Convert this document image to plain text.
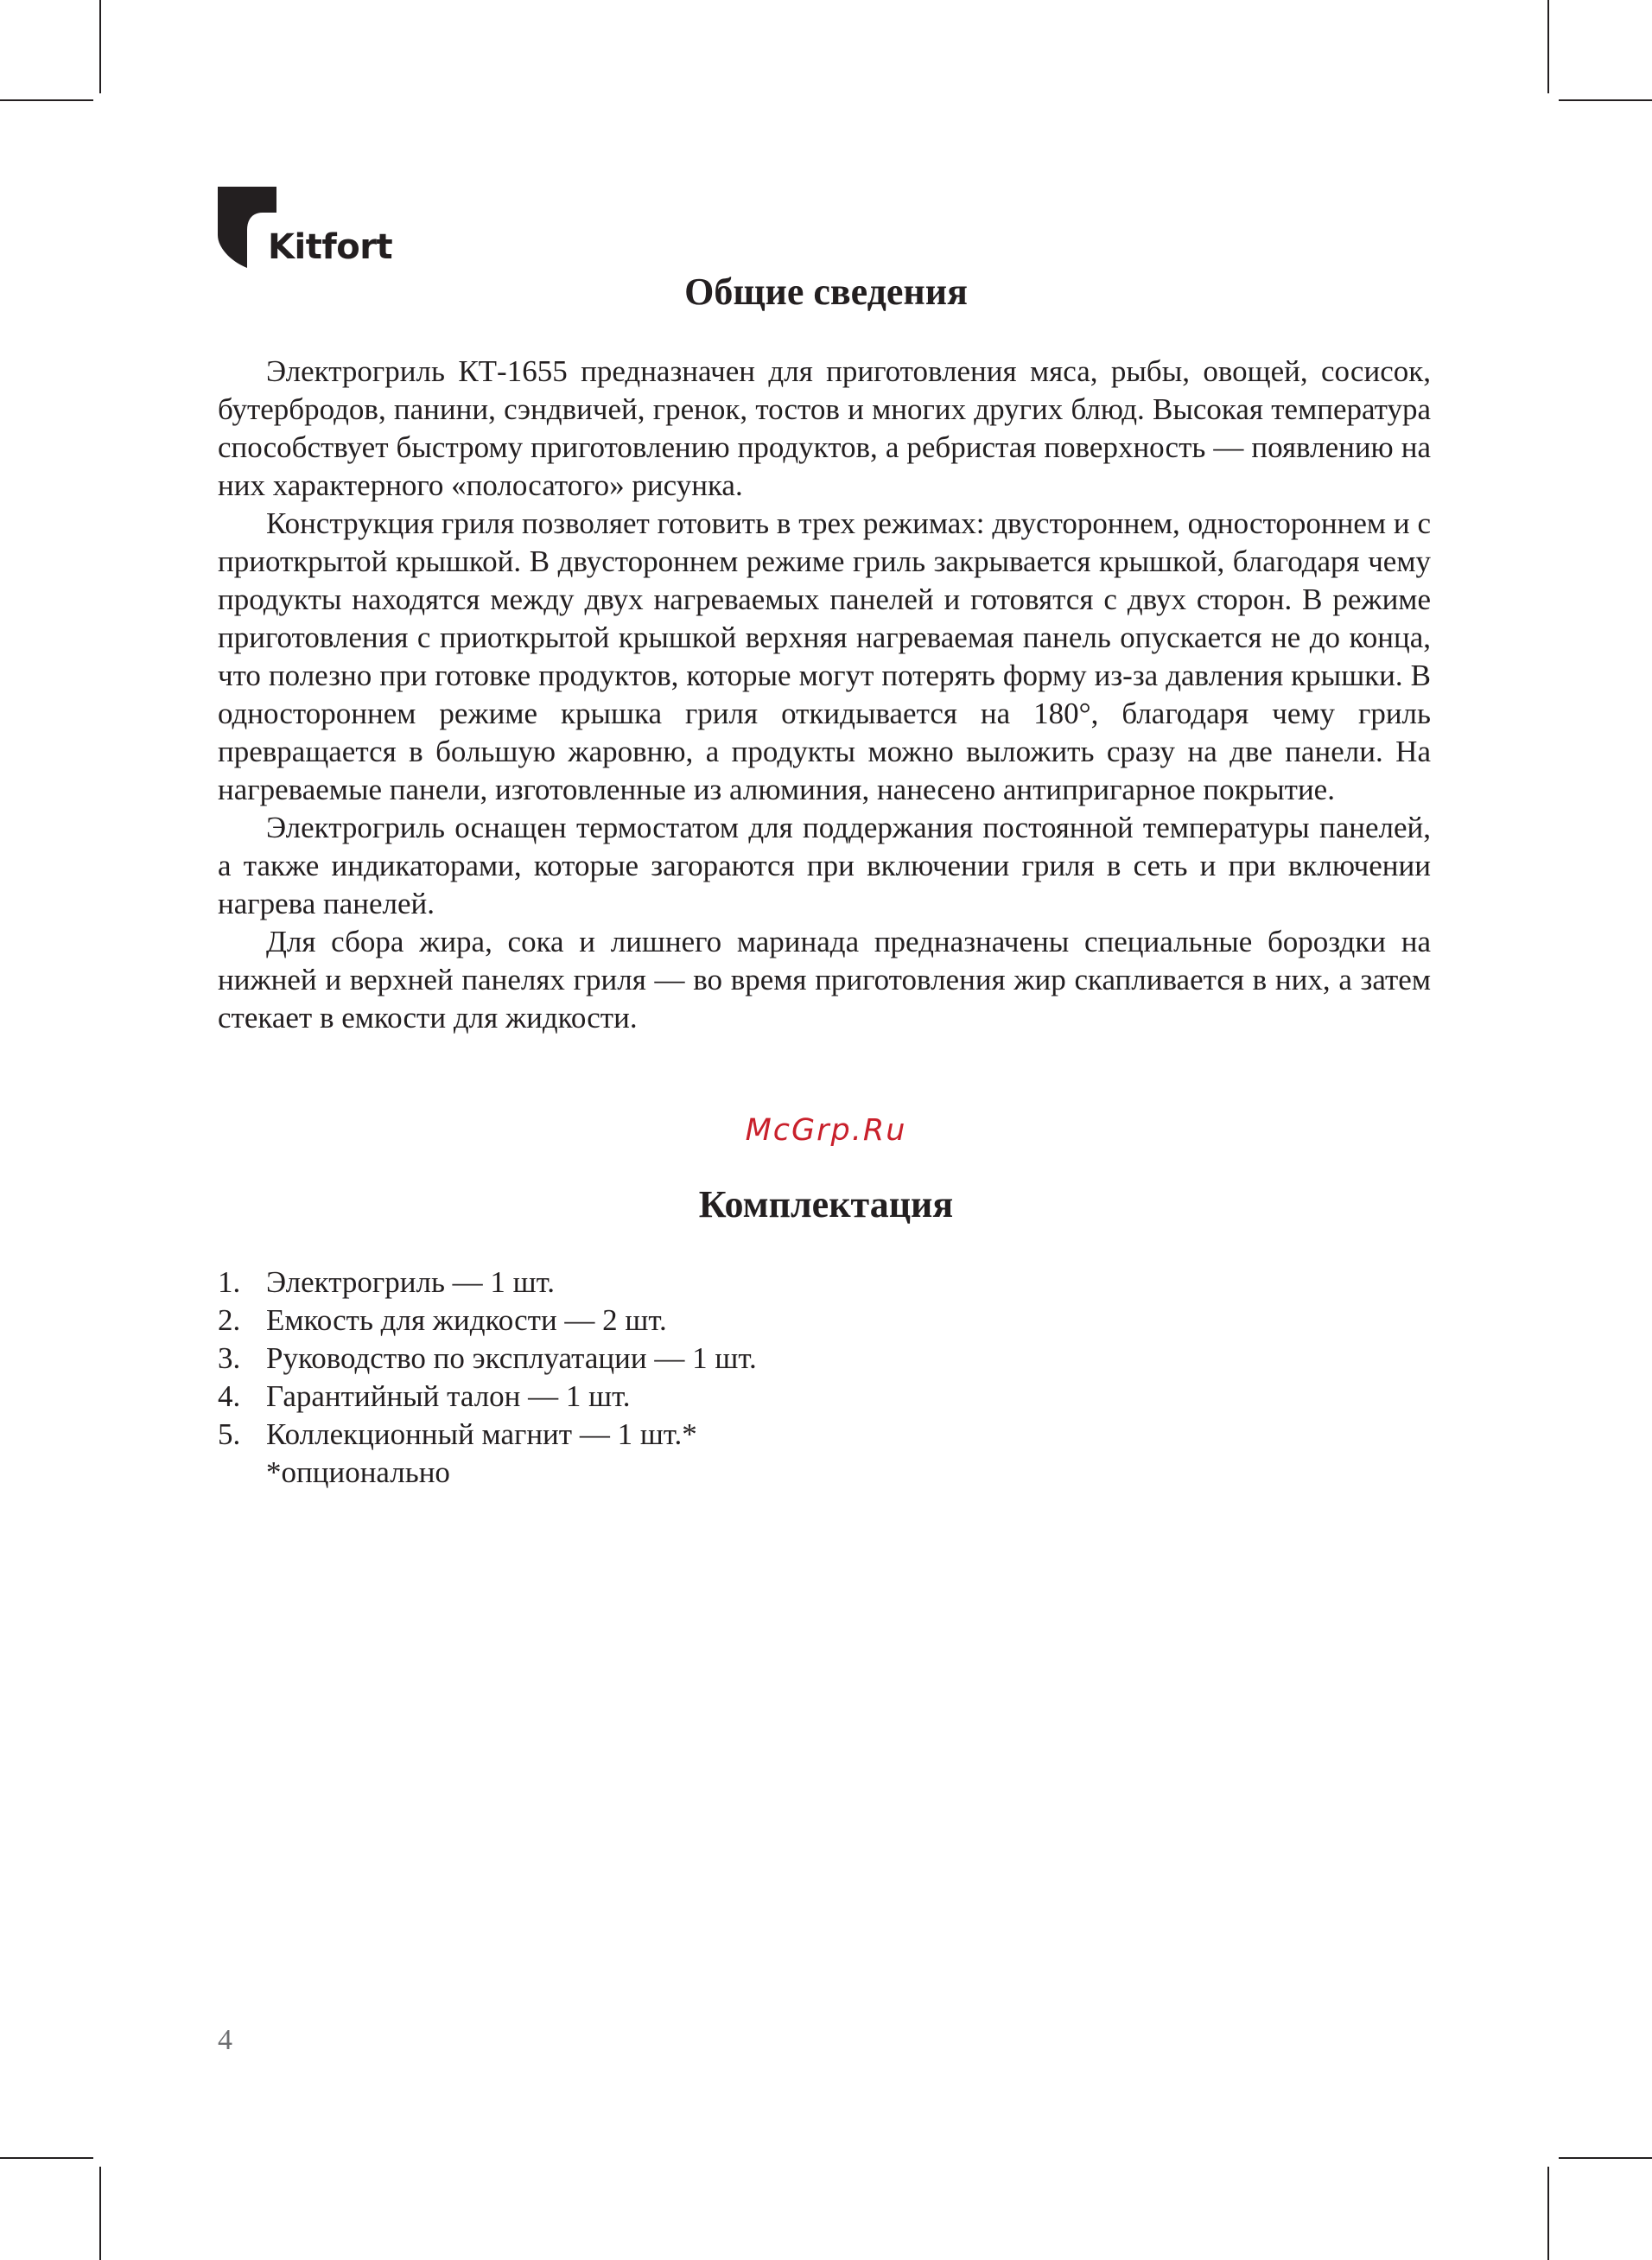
Kitfort
Общие сведения

Электрогриль КТ-1655 предназначен для приготовления мяса, рыбы, овощей, сосисок, бутербродов, панини, сэндвичей, гренок, тостов и многих других блюд. Высокая температура способствует быстрому приготовлению продуктов, а ребристая поверхность — появлению на них характерного «полосатого» рисунка.

Конструкция гриля позволяет готовить в трех режимах: двустороннем, одностороннем и с приоткрытой крышкой. В двустороннем режиме гриль закрывается крышкой, благодаря чему продукты находятся между двух нагреваемых панелей и готовятся с двух сторон. В режиме приготовления с приоткрытой крышкой верхняя нагреваемая панель опускается не до конца, что полезно при готовке продуктов, которые могут потерять форму из-за давления крышки. В одностороннем режиме крышка гриля откидывается на 180°, благодаря чему гриль превращается в большую жаровню, а продукты можно выложить сразу на две панели. На нагреваемые панели, изготовленные из алюминия, нанесено антипригарное покрытие.

Электрогриль оснащен термостатом для поддержания постоянной температуры панелей, а также индикаторами, которые загораются при включении гриля в сеть и при включении нагрева панелей.

Для сбора жира, сока и лишнего маринада предназначены специальные бороздки на нижней и верхней панелях гриля — во время приготовления жир скапливается в них, а затем стекает в емкости для жидкости.

McGrp.Ru
Комплектация
1. Электрогриль — 1 шт.
2. Емкость для жидкости — 2 шт.
3. Руководство по эксплуатации — 1 шт.
4. Гарантийный талон — 1 шт.
5. Коллекционный магнит — 1 шт.*
*опционально
4
